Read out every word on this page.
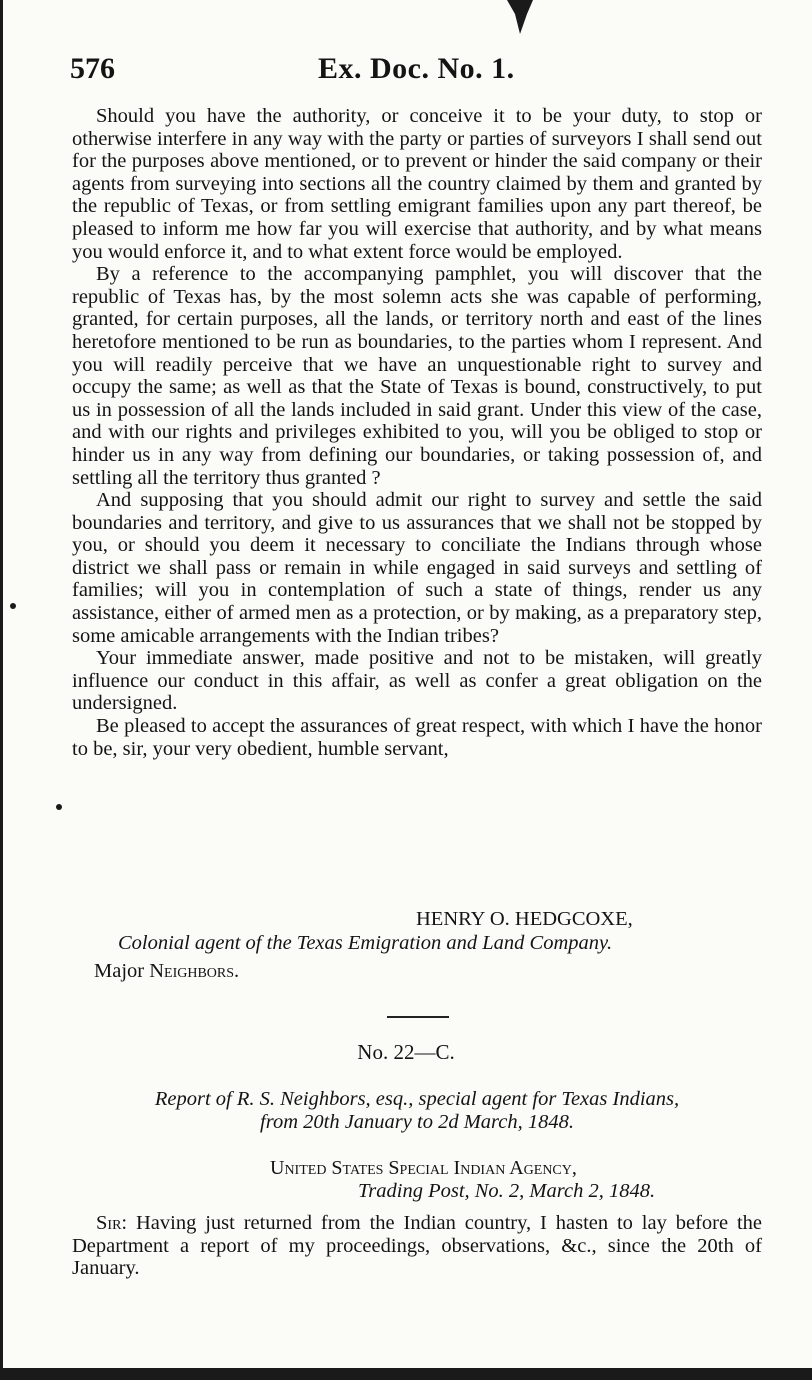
576	Ex. Doc. No. 1.

Should you have the authority, or conceive it to be your duty, to stop or otherwise interfere in any way with the party or parties of surveyors I shall send out for the purposes above mentioned, or to prevent or hinder the said company or their agents from surveying into sections all the country claimed by them and granted by the republic of Texas, or from settling emigrant families upon any part thereof, be pleased to inform me how far you will exercise that authority, and by what means you would enforce it, and to what extent force would be employed.

By a reference to the accompanying pamphlet, you will discover that the republic of Texas has, by the most solemn acts she was capable of performing, granted, for certain purposes, all the lands, or territory north and east of the lines heretofore mentioned to be run as boundaries, to the parties whom I represent. And you will readily perceive that we have an unquestionable right to survey and occupy the same; as well as that the State of Texas is bound, constructively, to put us in possession of all the lands included in said grant. Under this view of the case, and with our rights and privileges exhibited to you, will you be obliged to stop or hinder us in any way from defining our boundaries, or taking possession of, and settling all the territory thus granted ?

And supposing that you should admit our right to survey and settle the said boundaries and territory, and give to us assurances that we shall not be stopped by you, or should you deem it necessary to conciliate the Indians through whose district we shall pass or remain in while engaged in said surveys and settling of families; will you in contemplation of such a state of things, render us any assistance, either of armed men as a protection, or by making, as a preparatory step, some amicable arrangements with the Indian tribes?

Your immediate answer, made positive and not to be mistaken, will greatly influence our conduct in this affair, as well as confer a great obligation on the undersigned.

Be pleased to accept the assurances of great respect, with which I have the honor to be, sir, your very obedient, humble servant,

HENRY O. HEDGCOXE,
Colonial agent of the Texas Emigration and Land Company.
Major Neighbors.
No. 22—C.
Report of R. S. Neighbors, esq., special agent for Texas Indians,
from 20th January to 2d March, 1848.
United States Special Indian Agency,
Trading Post, No. 2, March 2, 1848.

Sir: Having just returned from the Indian country, I hasten to lay before the Department a report of my proceedings, observations, &c., since the 20th of January.
